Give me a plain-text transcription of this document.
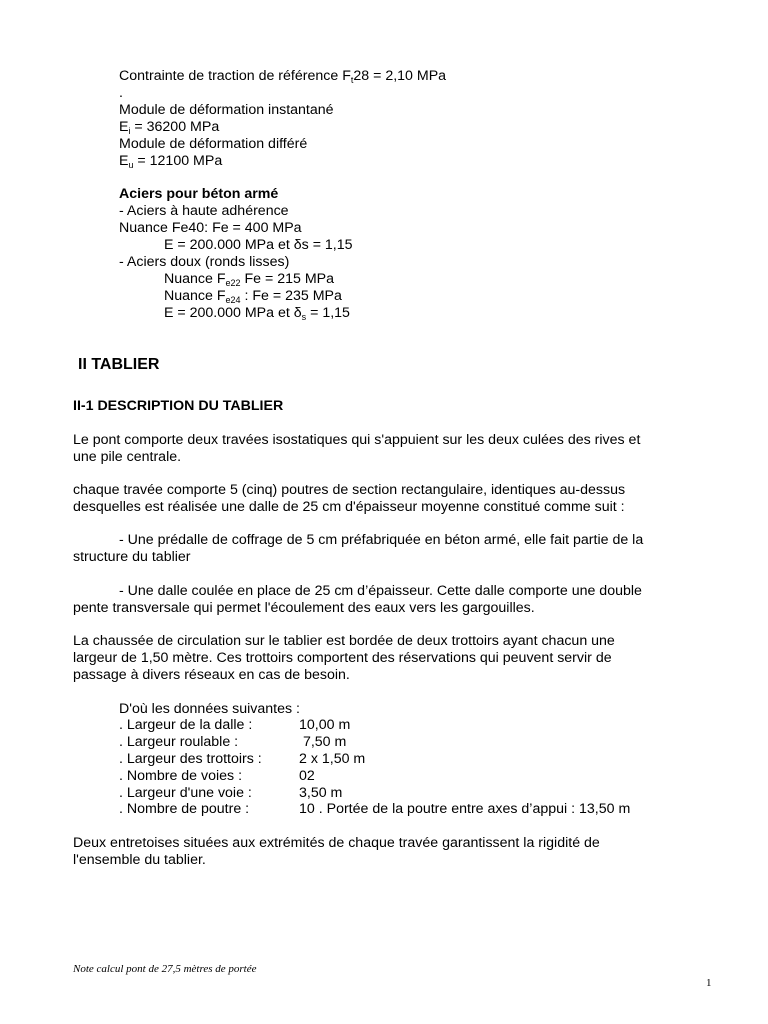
Contrainte de traction de référence $F_t28 = 2,10$ MPa
.
Module de déformation instantané
$E_i = 36200$ MPa
Module de déformation différé
$E_u = 12100$ MPa
Aciers pour béton armé
- Aciers à haute adhérence
Nuance Fe40: Fe = 400 MPa
E = 200.000 MPa et δs = 1,15
- Aciers doux (ronds lisses)
Nuance $F_{e22}$ Fe = 215 MPa
Nuance $F_{e24}$ : Fe = 235 MPa
E = 200.000 MPa et $\delta_s = 1,15$
II TABLIER
II-1 DESCRIPTION DU TABLIER
Le pont comporte deux travées isostatiques qui s'appuient sur les deux culées des rives et
une pile centrale.
chaque travée comporte 5 (cinq) poutres de section rectangulaire, identiques au-dessus
desquelles est réalisée une dalle de 25 cm d'épaisseur moyenne constitué comme suit :
- Une prédalle de coffrage de 5 cm préfabriquée en béton armé, elle fait partie de la
structure du tablier
- Une dalle coulée en place de 25 cm d’épaisseur. Cette dalle comporte une double
pente transversale qui permet l'écoulement des eaux vers les gargouilles.
La chaussée de circulation sur le tablier est bordée de deux trottoirs ayant chacun une
largeur de 1,50 mètre. Ces trottoirs comportent des réservations qui peuvent servir de
passage à divers réseaux en cas de besoin.
D'où les données suivantes :
. Largeur de la dalle :	10,00 m
. Largeur roulable :	7,50 m
. Largeur des trottoirs :	2 x 1,50 m
. Nombre de voies :	02
. Largeur d'une voie :	3,50 m
. Nombre de poutre :	10 . Portée de la poutre entre axes d’appui : 13,50 m
Deux entretoises situées aux extrémités de chaque travée garantissent la rigidité de
l'ensemble du tablier.
Note calcul pont de 27,5 mètres de portée
1
